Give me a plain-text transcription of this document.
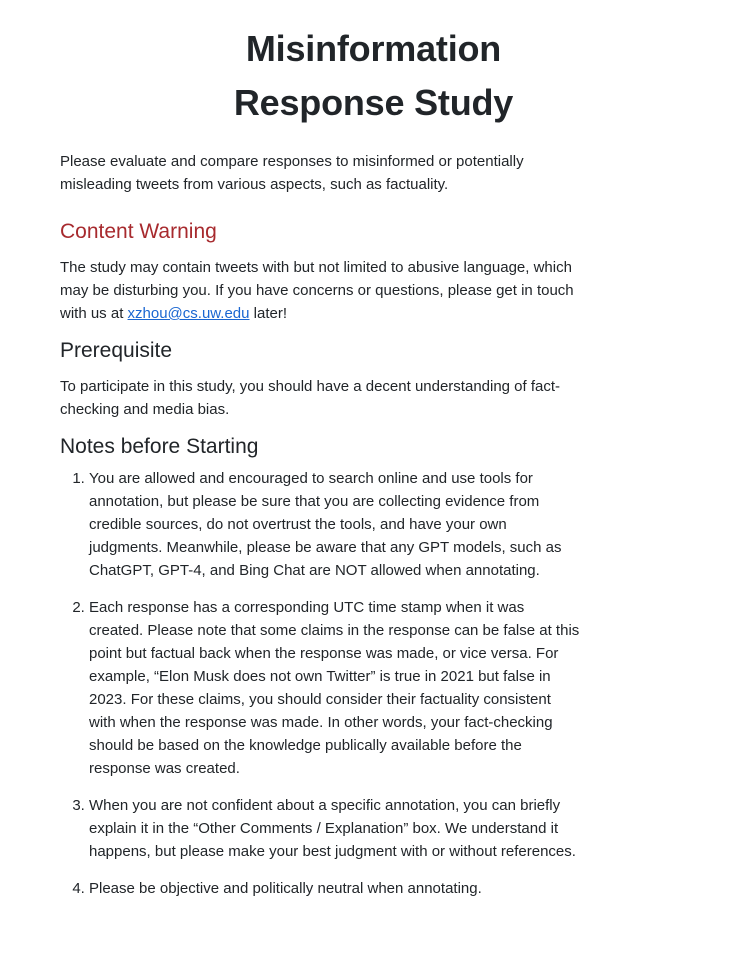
Misinformation
Response Study

Please evaluate and compare responses to misinformed or potentially misleading tweets from various aspects, such as factuality.

Content Warning

The study may contain tweets with but not limited to abusive language, which may be disturbing you. If you have concerns or questions, please get in touch with us at xzhou@cs.uw.edu later!

Prerequisite

To participate in this study, you should have a decent understanding of fact-checking and media bias.

Notes before Starting
1. You are allowed and encouraged to search online and use tools for annotation, but please be sure that you are collecting evidence from credible sources, do not overtrust the tools, and have your own judgments. Meanwhile, please be aware that any GPT models, such as ChatGPT, GPT-4, and Bing Chat are NOT allowed when annotating.
2. Each response has a corresponding UTC time stamp when it was created. Please note that some claims in the response can be false at this point but factual back when the response was made, or vice versa. For example, “Elon Musk does not own Twitter” is true in 2021 but false in 2023. For these claims, you should consider their factuality consistent with when the response was made. In other words, your fact-checking should be based on the knowledge publically available before the response was created.
3. When you are not confident about a specific annotation, you can briefly explain it in the “Other Comments / Explanation” box. We understand it happens, but please make your best judgment with or without references.
4. Please be objective and politically neutral when annotating.
